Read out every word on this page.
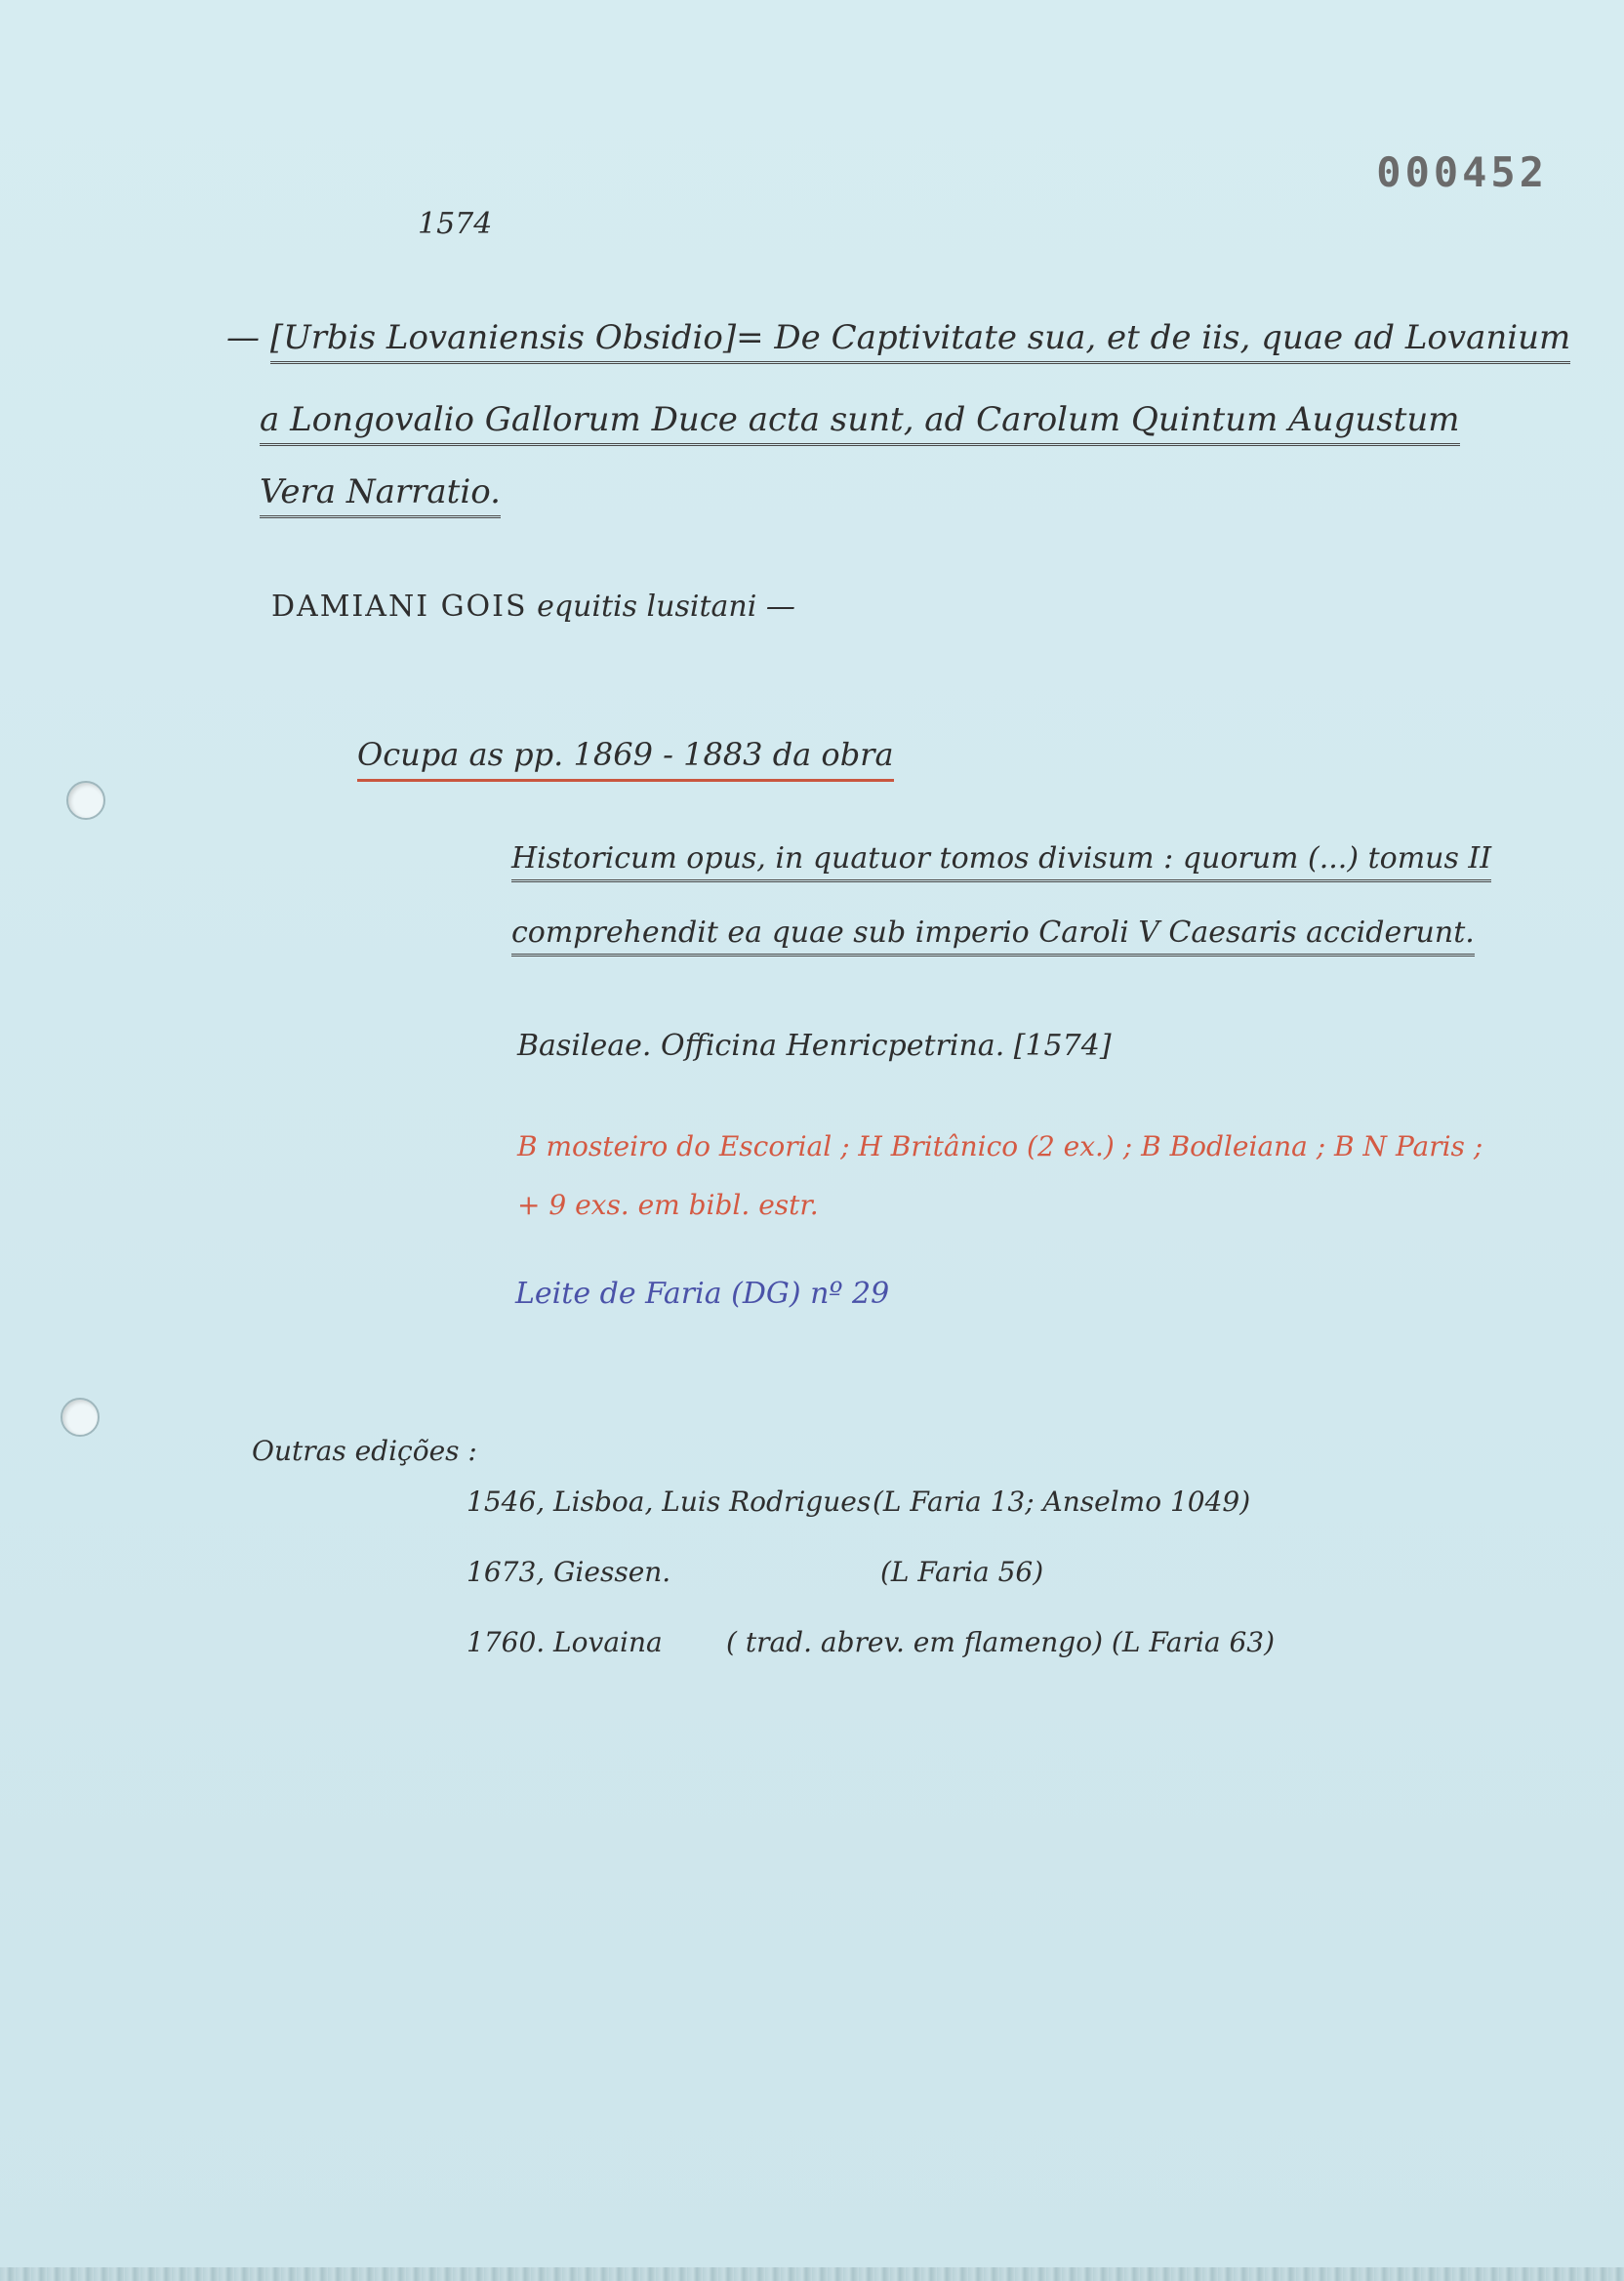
000452
1574
— [Urbis Lovaniensis Obsidio]= De Captivitate sua, et de iis, quae ad Lovanium
a Longovalio Gallorum Duce acta sunt, ad Carolum Quintum Augustum
Vera Narratio.
DAMIANI GOIS equitis lusitani —
Ocupa as pp. 1869 - 1883 da obra
Historicum opus, in quatuor tomos divisum : quorum (...) tomus II
comprehendit ea quae sub imperio Caroli V Caesaris acciderunt.
Basileae. Officina Henricpetrina. [1574]
B mosteiro do Escorial ; H Britânico (2 ex.) ; B Bodleiana ; B N Paris ;
+ 9 exs. em bibl. estr.
Leite de Faria (DG) nº 29
Outras edições :
1546, Lisboa, Luis Rodrigues (L Faria 13; Anselmo 1049)
1673, Giessen.	(L Faria 56)
1760. Lovaina ( trad. abrev. em flamengo) (L Faria 63)
